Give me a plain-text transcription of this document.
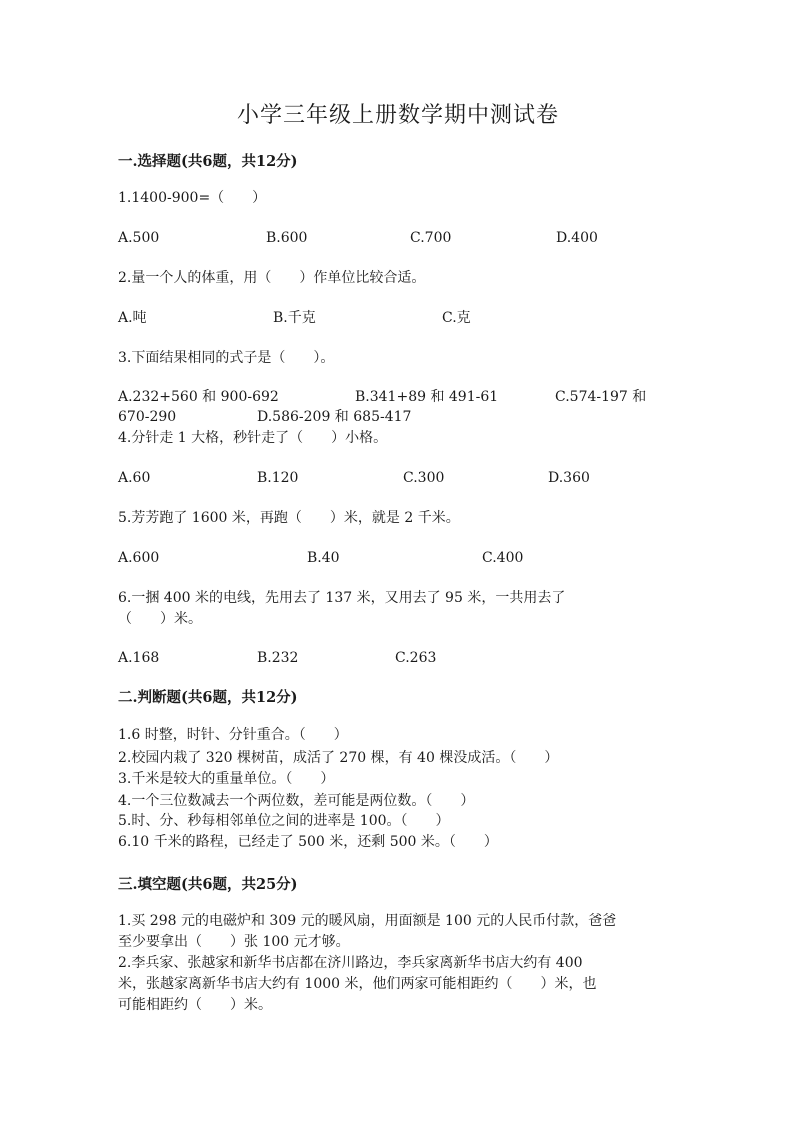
小学三年级上册数学期中测试卷
一.选择题(共6题，共12分)
1.1400-900=（　　）
A.500	B.600	C.700	D.400
2.量一个人的体重，用（　　）作单位比较合适。
A.吨	B.千克	C.克
3.下面结果相同的式子是（　　）。
A.232+560 和 900-692	B.341+89 和 491-61	C.574-197 和
670-290	D.586-209 和 685-417
4.分针走 1 大格，秒针走了（　　）小格。
A.60	B.120	C.300	D.360
5.芳芳跑了 1600 米，再跑（　　）米，就是 2 千米。
A.600	B.40	C.400
6.一捆 400 米的电线，先用去了 137 米，又用去了 95 米，一共用去了
（　　）米。
A.168	B.232	C.263
二.判断题(共6题，共12分)
1.6 时整，时针、分针重合。（　　）
2.校园内栽了 320 棵树苗，成活了 270 棵，有 40 棵没成活。（　　）
3.千米是较大的重量单位。（　　）
4.一个三位数减去一个两位数，差可能是两位数。（　　）
5.时、分、秒每相邻单位之间的进率是 100。（　　）
6.10 千米的路程，已经走了 500 米，还剩 500 米。（　　）
三.填空题(共6题，共25分)
1.买 298 元的电磁炉和 309 元的暖风扇，用面额是 100 元的人民币付款，爸爸
至少要拿出（　　）张 100 元才够。
2.李兵家、张越家和新华书店都在济川路边，李兵家离新华书店大约有 400
米，张越家离新华书店大约有 1000 米，他们两家可能相距约（　　）米，也
可能相距约（　　）米。
